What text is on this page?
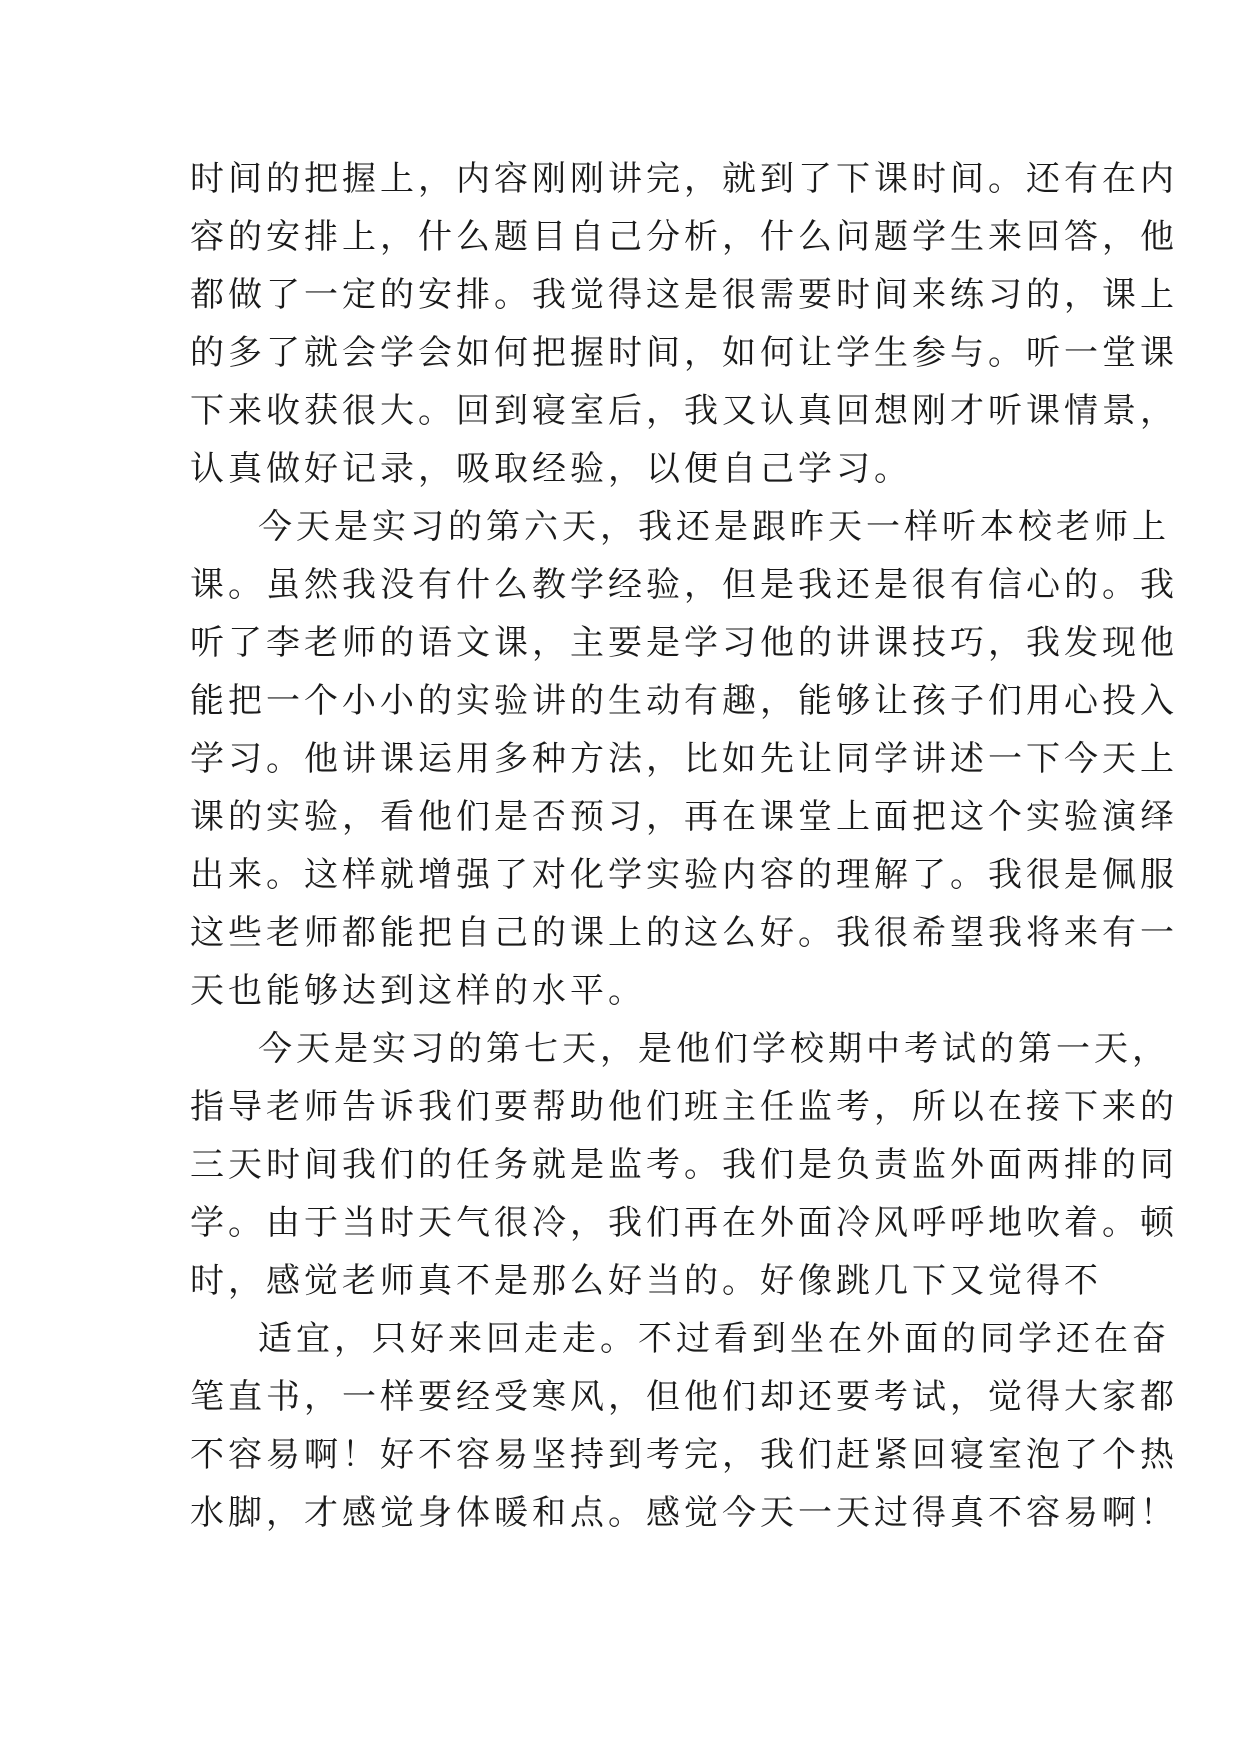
时间的把握上，内容刚刚讲完，就到了下课时间。还有在内
容的安排上，什么题目自己分析，什么问题学生来回答，他
都做了一定的安排。我觉得这是很需要时间来练习的，课上
的多了就会学会如何把握时间，如何让学生参与。听一堂课
下来收获很大。回到寝室后，我又认真回想刚才听课情景，
认真做好记录，吸取经验，以便自己学习。
今天是实习的第六天，我还是跟昨天一样听本校老师上
课。虽然我没有什么教学经验，但是我还是很有信心的。我
听了李老师的语文课，主要是学习他的讲课技巧，我发现他
能把一个小小的实验讲的生动有趣，能够让孩子们用心投入
学习。他讲课运用多种方法，比如先让同学讲述一下今天上
课的实验，看他们是否预习，再在课堂上面把这个实验演绎
出来。这样就增强了对化学实验内容的理解了。我很是佩服
这些老师都能把自己的课上的这么好。我很希望我将来有一
天也能够达到这样的水平。
今天是实习的第七天，是他们学校期中考试的第一天，
指导老师告诉我们要帮助他们班主任监考，所以在接下来的
三天时间我们的任务就是监考。我们是负责监外面两排的同
学。由于当时天气很冷，我们再在外面冷风呼呼地吹着。顿
时，感觉老师真不是那么好当的。好像跳几下又觉得不
适宜，只好来回走走。不过看到坐在外面的同学还在奋
笔直书，一样要经受寒风，但他们却还要考试，觉得大家都
不容易啊！好不容易坚持到考完，我们赶紧回寝室泡了个热
水脚，才感觉身体暖和点。感觉今天一天过得真不容易啊！
